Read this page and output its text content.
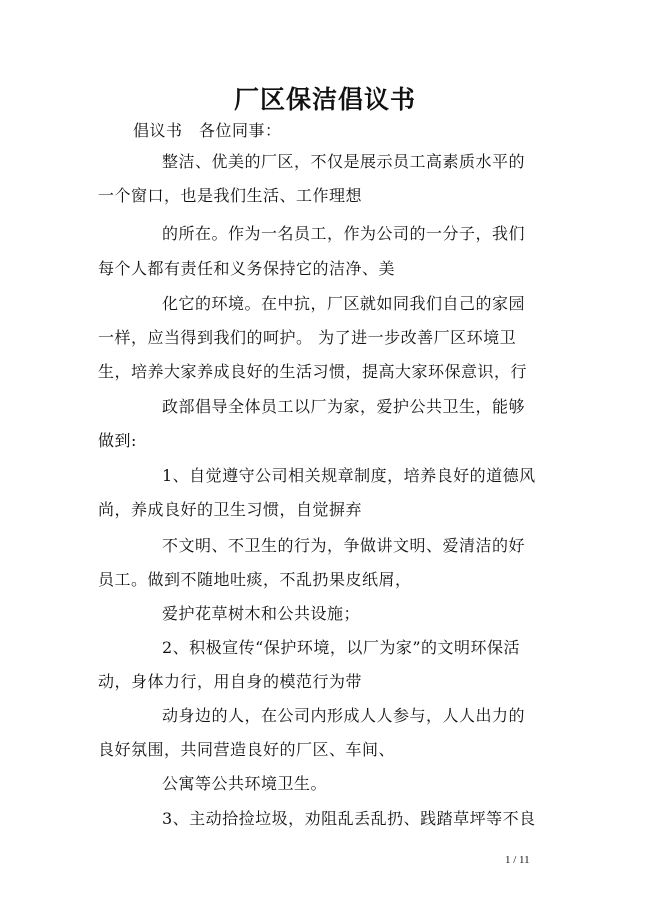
厂区保洁倡议书
倡议书　各位同事：
整洁、优美的厂区，不仅是展示员工高素质水平的
一个窗口，也是我们生活、工作理想
的所在。作为一名员工，作为公司的一分子，我们
每个人都有责任和义务保持它的洁净、美
化它的环境。在中抗，厂区就如同我们自己的家园
一样，应当得到我们的呵护。 为了进一步改善厂区环境卫
生，培养大家养成良好的生活习惯，提高大家环保意识，行
政部倡导全体员工以厂为家，爱护公共卫生，能够
做到:
1、自觉遵守公司相关规章制度，培养良好的道德风
尚，养成良好的卫生习惯，自觉摒弃
不文明、不卫生的行为，争做讲文明、爱清洁的好
员工。做到不随地吐痰，不乱扔果皮纸屑，
爱护花草树木和公共设施；
2、积极宣传“保护环境，以厂为家”的文明环保活
动，身体力行，用自身的模范行为带
动身边的人，在公司内形成人人参与，人人出力的
良好氛围，共同营造良好的厂区、车间、
公寓等公共环境卫生。
3、主动拾捡垃圾，劝阻乱丢乱扔、践踏草坪等不良
1 / 11
